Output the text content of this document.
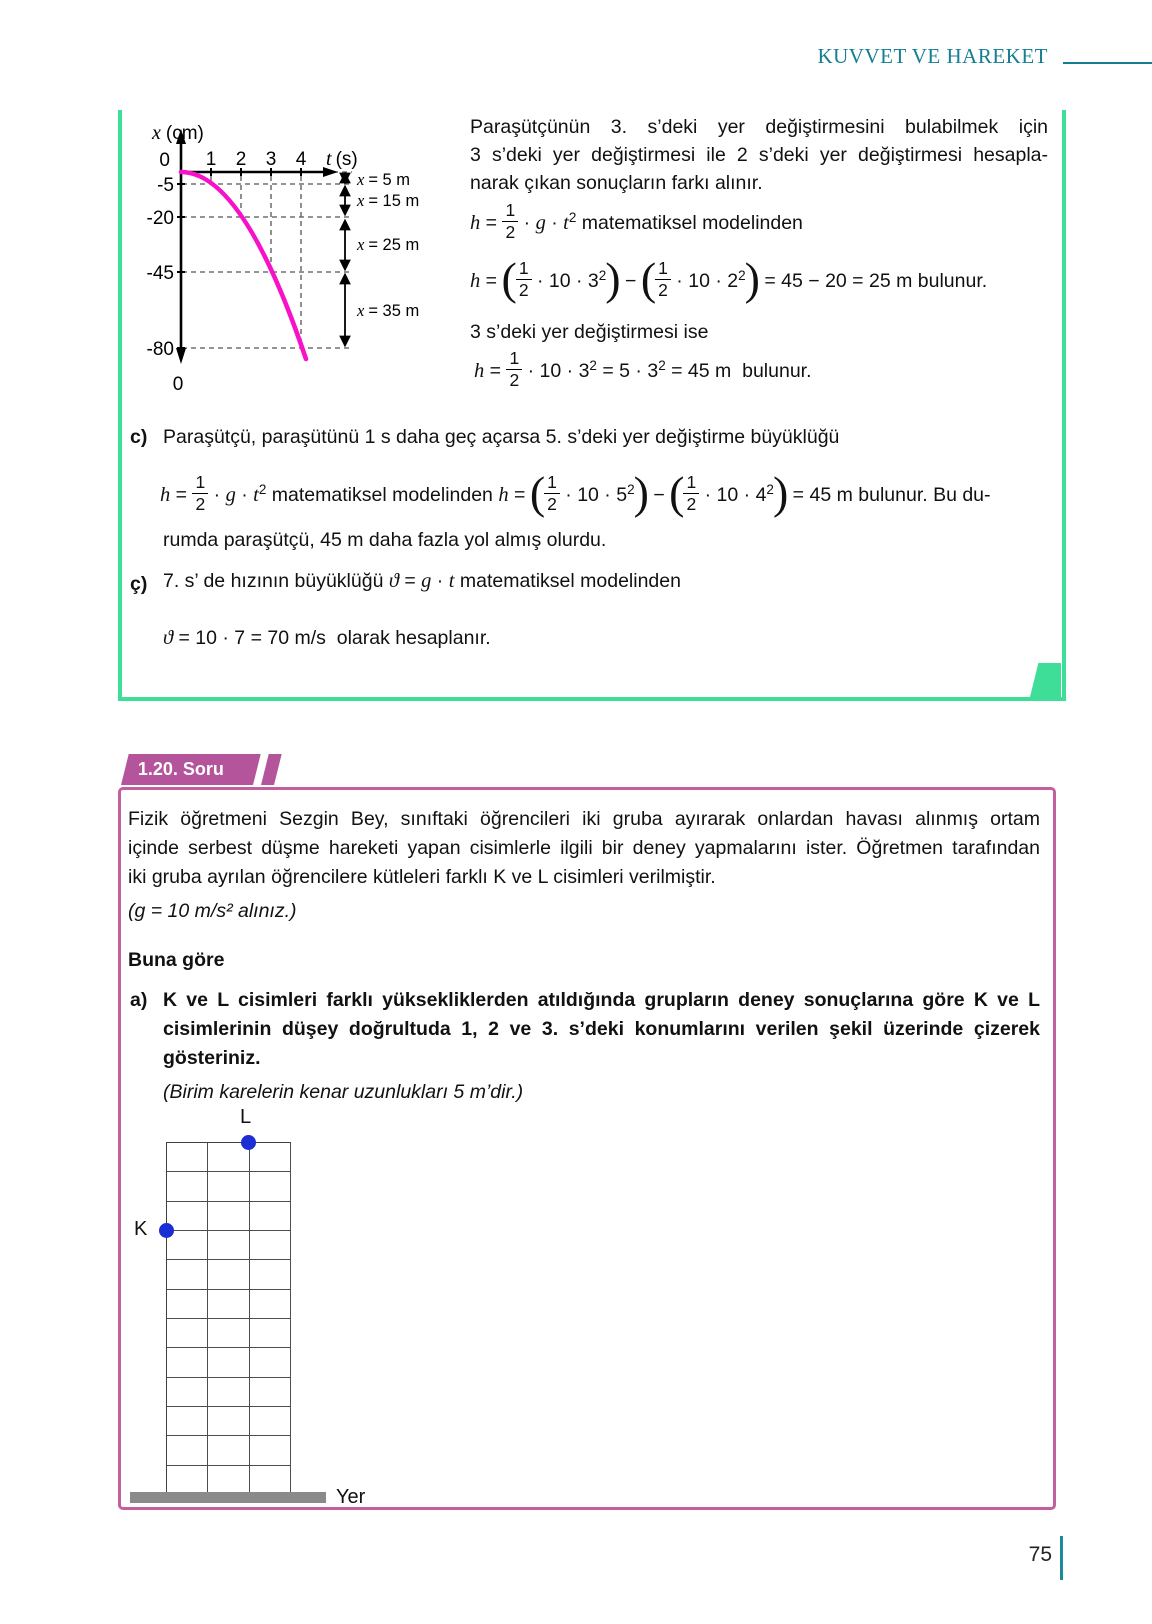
KUVVET VE HAREKET
x (cm)
0 1 2 3 4 t (s)
-5
-20
-45
-80
0
x = 5 m
x = 15 m
x = 25 m
x = 35 m
Paraşütçünün 3. s’deki yer değiştirmesini bulabilmek için
3 s’deki yer değiştirmesi ile 2 s’deki yer değiştirmesi hesapla-
narak çıkan sonuçların farkı alınır.
$h = \frac{1}{2} \cdot g \cdot t^2$ matematiksel modelinden
h = ( $\frac{1}{2} \cdot 10 \cdot 3^2$) − ( $\frac{1}{2} \cdot 10 \cdot 2^2) = 45 - 20 = 25$ m bulunur.
3 s’deki yer değiştirmesi ise
$h = \frac{1}{2} \cdot 10 \cdot 3^2 = 5 \cdot 3^2 = 45$ m  bulunur.
c) Paraşütçü, paraşütünü 1 s daha geç açarsa 5. s’deki yer değiştirme büyüklüğü
$h = \frac{1}{2} \cdot g \cdot t^2$ matematiksel modelinden h = ( $\frac{1}{2} \cdot 10 \cdot 5^2$) − ( $\frac{1}{2} \cdot 10 \cdot 4^2) = 45$ m bulunur. Bu du-
rumda paraşütçü, 45 m daha fazla yol almış olurdu.
ç) 7. s’ de hızının büyüklüğü ϑ = g · t matematiksel modelinden
ϑ = 10 · 7 = 70 m/s  olarak hesaplanır.
1.20. Soru
Fizik öğretmeni Sezgin Bey, sınıftaki öğrencileri iki gruba ayırarak onlardan havası alınmış ortam
içinde serbest düşme hareketi yapan cisimlerle ilgili bir deney yapmalarını ister. Öğretmen tarafından
iki gruba ayrılan öğrencilere kütleleri farklı K ve L cisimleri verilmiştir.
(g = 10 m/s² alınız.)
Buna göre
a) K ve L cisimleri farklı yüksekliklerden atıldığında grupların deney sonuçlarına göre K ve L
cisimlerinin düşey doğrultuda 1, 2 ve 3. s’deki konumlarını verilen şekil üzerinde çizerek
gösteriniz.
(Birim karelerin kenar uzunlukları 5 m’dir.)
L
K
Yer
75
